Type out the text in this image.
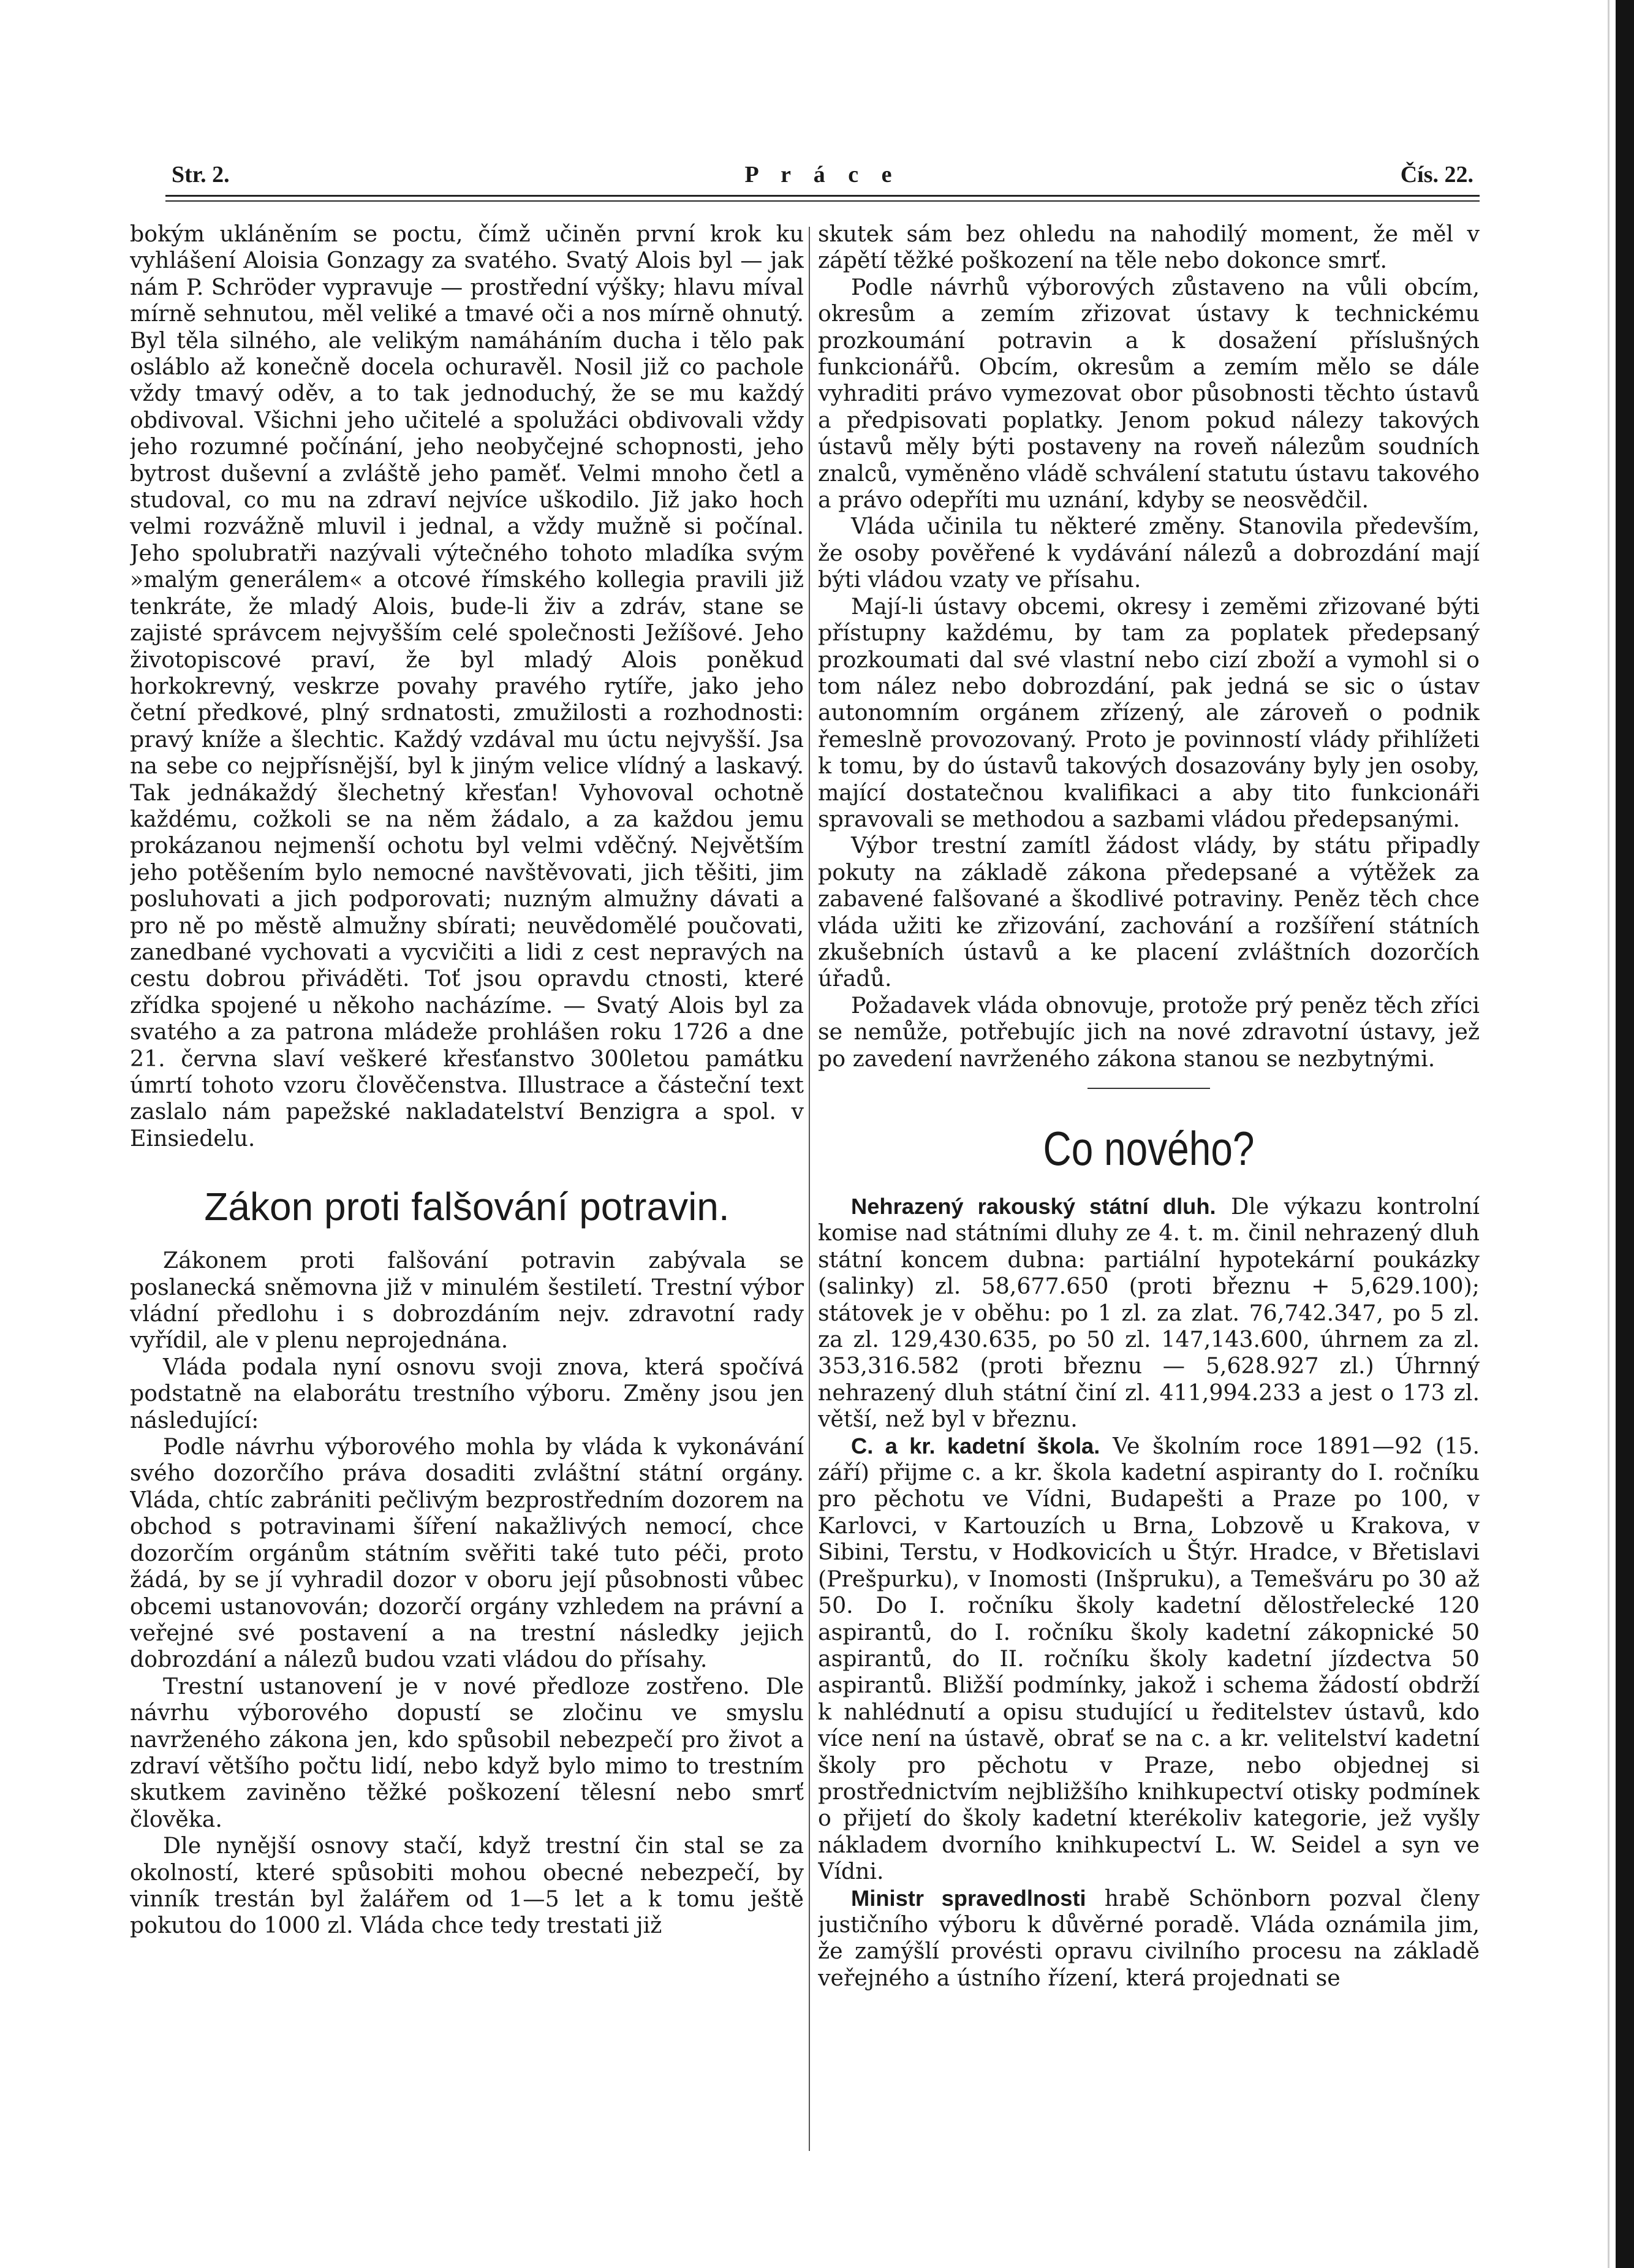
Str. 2.	P r á c e	Čís. 22.

bokým ukláněním se poctu, čímž učiněn první krok ku vyhlášení Aloisia Gonzagy za svatého. Svatý Alois byl — jak nám P. Schröder vypravuje — prostřední výšky; hlavu míval mírně sehnutou, měl veliké a tmavé oči a nos mírně ohnutý. Byl těla silného, ale velikým namáháním ducha i tělo pak osláblo až konečně docela ochuravěl. Nosil již co pachole vždy tmavý oděv, a to tak jednoduchý, že se mu každý obdivoval. Všichni jeho učitelé a spolužáci obdivovali vždy jeho rozumné počínání, jeho neobyčejné schopnosti, jeho bytrost duševní a zvláště jeho paměť. Velmi mnoho četl a studoval, co mu na zdraví nejvíce uškodilo. Již jako hoch velmi rozvážně mluvil i jednal, a vždy mužně si počínal. Jeho spolubratři nazývali výtečného tohoto mladíka svým »malým generálem« a otcové římského kollegia pravili již tenkráte, že mladý Alois, bude-li živ a zdráv, stane se zajisté správcem nejvyšším celé společnosti Ježíšové. Jeho životopiscové praví, že byl mladý Alois poněkud horkokrevný, veskrze povahy pravého rytíře, jako jeho četní předkové, plný srdnatosti, zmužilosti a rozhodnosti: pravý kníže a šlechtic. Každý vzdával mu úctu nejvyšší. Jsa na sebe co nejpřísnější, byl k jiným velice vlídný a laskavý. Tak jednákaždý šlechetný křesťan! Vyhovoval ochotně každému, cožkoli se na něm žádalo, a za každou jemu prokázanou nejmenší ochotu byl velmi vděčný. Největším jeho potěšením bylo nemocné navštěvovati, jich těšiti, jim posluhovati a jich podporovati; nuzným almužny dávati a pro ně po městě almužny sbírati; neuvědomělé poučovati, zanedbané vychovati a vycvičiti a lidi z cest nepravých na cestu dobrou přiváděti. Toť jsou opravdu ctnosti, které zřídka spojené u někoho nacházíme. — Svatý Alois byl za svatého a za patrona mládeže prohlášen roku 1726 a dne 21. června slaví veškeré křesťanstvo 300letou památku úmrtí tohoto vzoru člověčenstva. Illustrace a částeční text zaslalo nám papežské nakladatelství Benzigra a spol. v Einsiedelu.

Zákon proti falšování potravin.

Zákonem proti falšování potravin zabývala se poslanecká sněmovna již v minulém šestiletí. Trestní výbor vládní předlohu i s dobrozdáním nejv. zdravotní rady vyřídil, ale v plenu neprojednána.

Vláda podala nyní osnovu svoji znova, která spočívá podstatně na elaborátu trestního výboru. Změny jsou jen následující:

Podle návrhu výborového mohla by vláda k vykonávání svého dozorčího práva dosaditi zvláštní státní orgány. Vláda, chtíc zabrániti pečlivým bezprostředním dozorem na obchod s potravinami šíření nakažlivých nemocí, chce dozorčím orgánům státním svěřiti také tuto péči, proto žádá, by se jí vyhradil dozor v oboru její působnosti vůbec obcemi ustanovován; dozorčí orgány vzhledem na právní a veřejné své postavení a na trestní následky jejich dobrozdání a nálezů budou vzati vládou do přísahy.

Trestní ustanovení je v nové předloze zostřeno. Dle návrhu výborového dopustí se zločinu ve smyslu navrženého zákona jen, kdo spůsobil nebezpečí pro život a zdraví většího počtu lidí, nebo když bylo mimo to trestním skutkem zaviněno těžké poškození tělesní nebo smrť člověka.

Dle nynější osnovy stačí, když trestní čin stal se za okolností, které spůsobiti mohou obecné nebezpečí, by vinník trestán byl žalářem od 1—5 let a k tomu ještě pokutou do 1000 zl. Vláda chce tedy trestati již

skutek sám bez ohledu na nahodilý moment, že měl v zápětí těžké poškození na těle nebo dokonce smrť.

Podle návrhů výborových zůstaveno na vůli obcím, okresům a zemím zřizovat ústavy k technickému prozkoumání potravin a k dosažení příslušných funkcionářů. Obcím, okresům a zemím mělo se dále vyhraditi právo vymezovat obor působnosti těchto ústavů a předpisovati poplatky. Jenom pokud nálezy takových ústavů měly býti postaveny na roveň nálezům soudních znalců, vyměněno vládě schválení statutu ústavu takového a právo odepříti mu uznání, kdyby se neosvědčil.

Vláda učinila tu některé změny. Stanovila především, že osoby pověřené k vydávání nálezů a dobrozdání mají býti vládou vzaty ve přísahu.

Mají-li ústavy obcemi, okresy i zeměmi zřizované býti přístupny každému, by tam za poplatek předepsaný prozkoumati dal své vlastní nebo cizí zboží a vymohl si o tom nález nebo dobrozdání, pak jedná se sic o ústav autonomním orgánem zřízený, ale zároveň o podnik řemeslně provozovaný. Proto je povinností vlády přihlížeti k tomu, by do ústavů takových dosazovány byly jen osoby, mající dostatečnou kvalifikaci a aby tito funkcionáři spravovali se methodou a sazbami vládou předepsanými.

Výbor trestní zamítl žádost vlády, by státu připadly pokuty na základě zákona předepsané a výtěžek za zabavené falšované a škodlivé potraviny. Peněz těch chce vláda užiti ke zřizování, zachování a rozšíření státních zkušebních ústavů a ke placení zvláštních dozorčích úřadů.

Požadavek vláda obnovuje, protože prý peněz těch zříci se nemůže, potřebujíc jich na nové zdravotní ústavy, jež po zavedení navrženého zákona stanou se nezbytnými.

Co nového?

Nehrazený rakouský státní dluh. Dle výkazu kontrolní komise nad státními dluhy ze 4. t. m. činil nehrazený dluh státní koncem dubna: partiální hypotekární poukázky (salinky) zl. 58,677.650 (proti březnu + 5,629.100); státovek je v oběhu: po 1 zl. za zlat. 76,742.347, po 5 zl. za zl. 129,430.635, po 50 zl. 147,143.600, úhrnem za zl. 353,316.582 (proti březnu — 5,628.927 zl.) Úhrnný nehrazený dluh státní činí zl. 411,994.233 a jest o 173 zl. větší, než byl v březnu.

C. a kr. kadetní škola. Ve školním roce 1891—92 (15. září) přijme c. a kr. škola kadetní aspiranty do I. ročníku pro pěchotu ve Vídni, Budapešti a Praze po 100, v Karlovci, v Kartouzích u Brna, Lobzově u Krakova, v Sibini, Terstu, v Hodkovicích u Štýr. Hradce, v Břetislavi (Prešpurku), v Inomosti (Inšpruku), a Temešváru po 30 až 50. Do I. ročníku školy kadetní dělostřelecké 120 aspirantů, do I. ročníku školy kadetní zákopnické 50 aspirantů, do II. ročníku školy kadetní jízdectva 50 aspirantů. Bližší podmínky, jakož i schema žádostí obdrží k nahlédnutí a opisu studující u ředitelstev ústavů, kdo více není na ústavě, obrať se na c. a kr. velitelství kadetní školy pro pěchotu v Praze, nebo objednej si prostřednictvím nejbližšího knihkupectví otisky podmínek o přijetí do školy kadetní kterékoliv kategorie, jež vyšly nákladem dvorního knihkupectví L. W. Seidel a syn ve Vídni.

Ministr spravedlnosti hrabě Schönborn pozval členy justičního výboru k důvěrné poradě. Vláda oznámila jim, že zamýšlí provésti opravu civilního procesu na základě veřejného a ústního řízení, která projednati se
